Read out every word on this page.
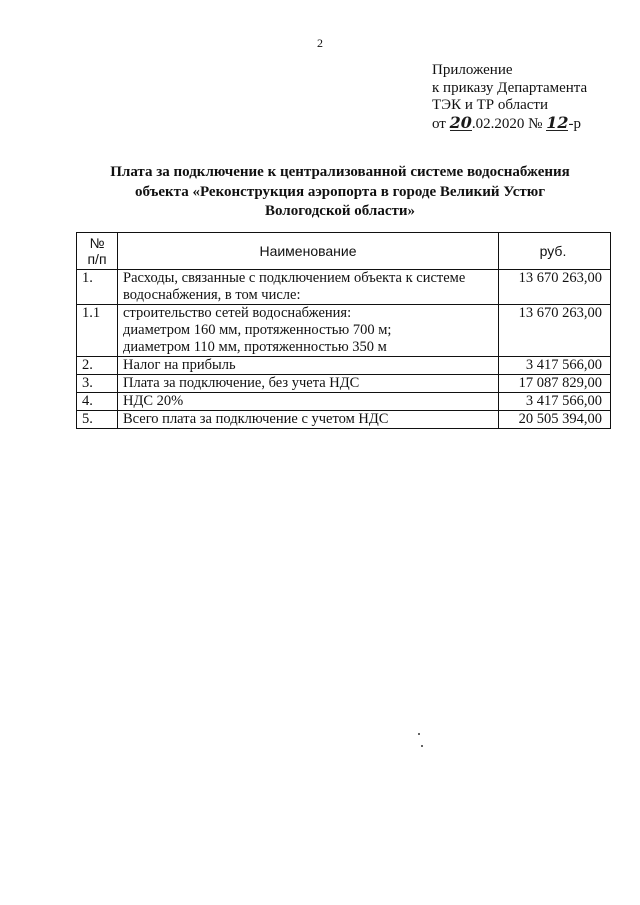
2
Приложение
к приказу Департамента
ТЭК и ТР области
от 20.02.2020 № 12-р
Плата за подключение к централизованной системе водоснабжения
объекта «Реконструкция аэропорта в городе Великий Устюг
Вологодской области»
№
п/п	Наименование	руб.
1.	Расходы, связанные с подключением объекта к системе
водоснабжения, в том числе:	13 670 263,00
1.1	строительство сетей водоснабжения:
диаметром 160 мм, протяженностью 700 м;
диаметром 110 мм, протяженностью 350 м	13 670 263,00
2.	Налог на прибыль	3 417 566,00
3.	Плата за подключение, без учета НДС	17 087 829,00
4.	НДС 20%	3 417 566,00
5.	Всего плата за подключение с учетом НДС	20 505 394,00
